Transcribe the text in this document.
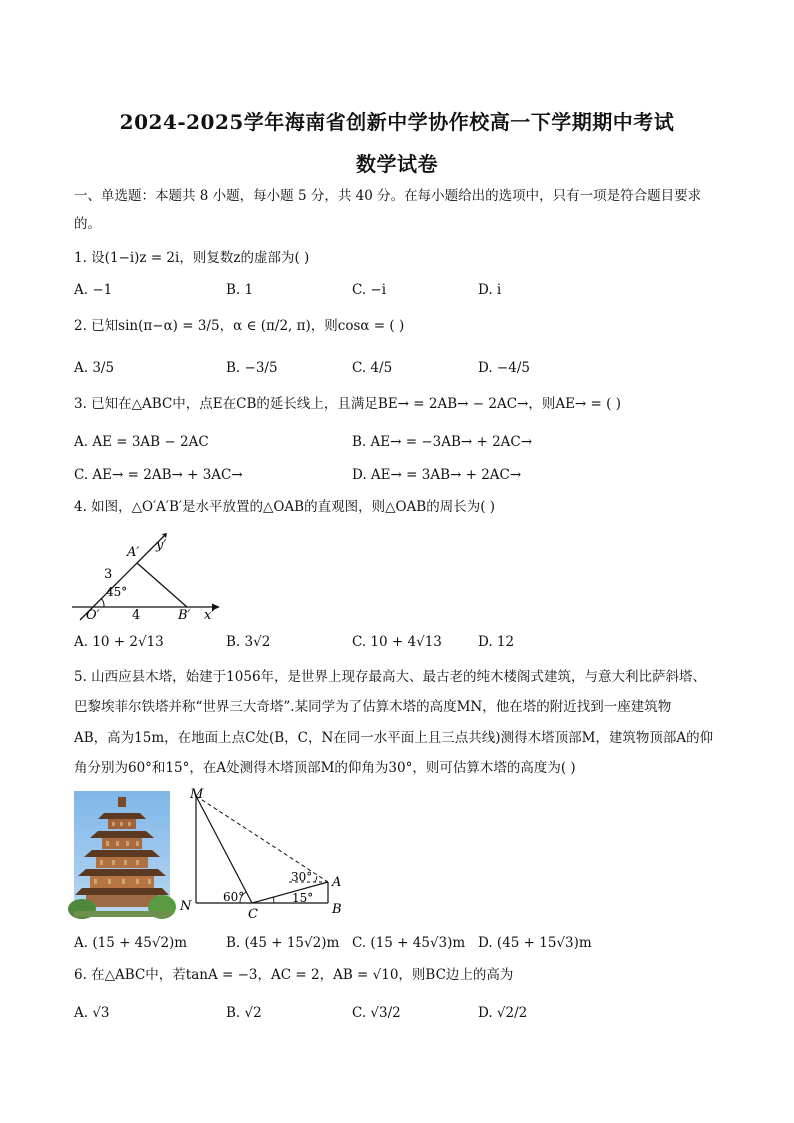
2024-2025学年海南省创新中学协作校高一下学期期中考试
数学试卷
一、单选题：本题共 8 小题，每小题 5 分，共 40 分。在每小题给出的选项中，只有一项是符合题目要求
的。
1. 设(1−i)z = 2i，则复数z的虚部为( )
A. −1	B. 1	C. −i	D. i
2. 已知sin(π−α) = 3/5，α ∈ (π/2, π)，则cosα = ( )
A. 3/5	B. −3/5	C. 4/5	D. −4/5
3. 已知在△ABC中，点E在CB的延长线上，且满足BE→ = 2AB→ − 2AC→，则AE→ = ( )
A. AE = 3AB − 2AC	B. AE→ = −3AB→ + 2AC→
C. AE→ = 2AB→ + 3AC→	D. AE→ = 3AB→ + 2AC→
4. 如图，△O′A′B′是水平放置的△OAB的直观图，则△OAB的周长为( )
A′ y′
3
45°
O′ 4	B′ x′
A. 10 + 2√13	B. 3√2	C. 10 + 4√13	D. 12
5. 山西应县木塔，始建于1056年，是世界上现存最高大、最古老的纯木楼阁式建筑，与意大利比萨斜塔、
巴黎埃菲尔铁塔并称“世界三大奇塔”.某同学为了估算木塔的高度MN，他在塔的附近找到一座建筑物
AB，高为15m，在地面上点C处(B，C，N在同一水平面上且三点共线)测得木塔顶部M，建筑物顶部A的仰
角分别为60°和15°，在A处测得木塔顶部M的仰角为30°，则可估算木塔的高度为( )
M
30° A
N
60°
C
15°
B
A. (15 + 45√2)m	B. (45 + 15√2)m C. (15 + 45√3)m D. (45 + 15√3)m
6. 在△ABC中，若tanA = −3，AC = 2，AB = √10，则BC边上的高为
A. √3	B. √2	C. √3/2	D. √2/2
